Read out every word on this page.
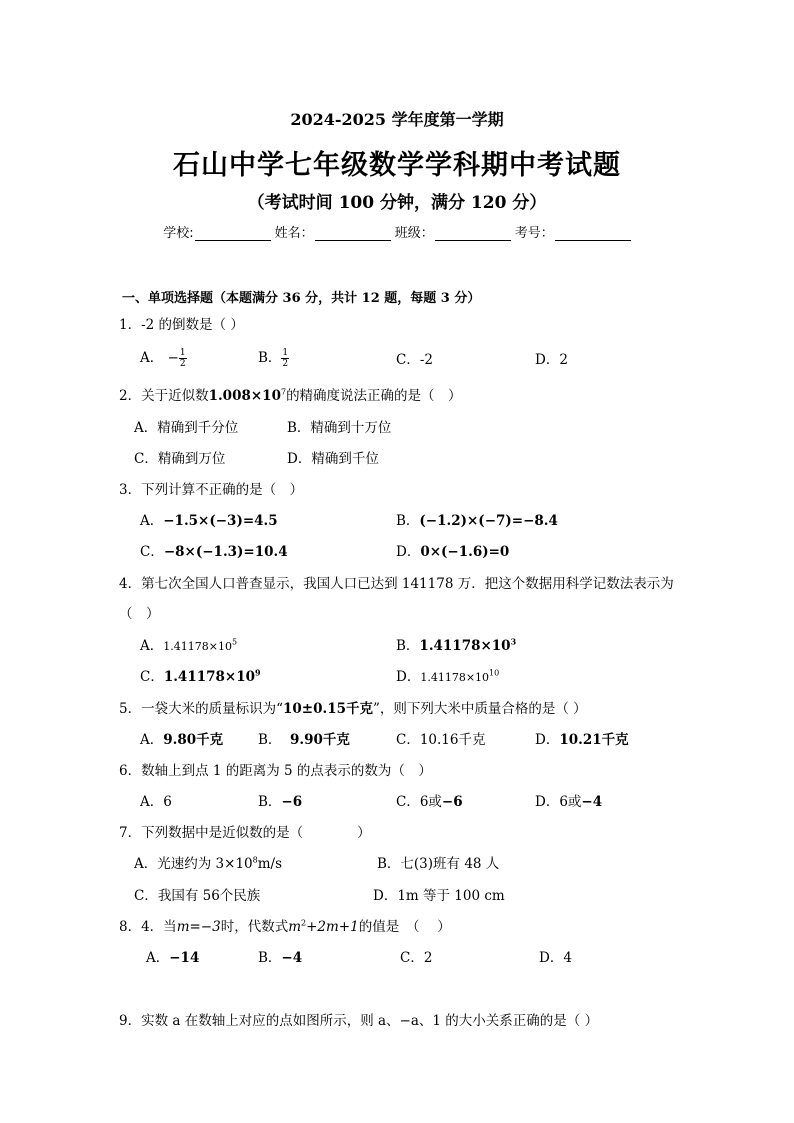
2024-2025 学年度第一学期
石山中学七年级数学学科期中考试题
（考试时间 100 分钟，满分 120 分）
学校:	姓名：	班级：	考号：
一、单项选择题（本题满分 36 分，共计 12 题，每题 3 分）
1．-2 的倒数是（ ）
A． − $\frac{1}{2}$	B． $\frac{1}{2}$	C．-2	D．2
2．关于近似数$1.008\times 10^7$的精确度说法正确的是（　）
A．精确到千分位	B．精确到十万位
C．精确到万位	D．精确到千位
3．下列计算不正确的是（　）
A．−1.5×(−3)=4.5	B．(−1.2)×(−7)=−8.4
C．−8×(−1.3)=10.4	D．0×(−1.6)=0
4．第七次全国人口普查显示，我国人口已达到 141178 万．把这个数据用科学记数法表示为
（　）
A．$1.41178\times 10^5$	B．$1.41178\times 10^3$
C．$1.41178\times 10^9$	D．$1.41178\times 10^{10}$
5．一袋大米的质量标识为“10±0.15千克”，则下列大米中质量合格的是（ ）
A．9.80千克	B． 9.90千克	C．10.16千克	D．10.21千克
6．数轴上到点 1 的距离为 5 的点表示的数为（　）
A．6	B．−6	C．6或−6	D．6或−4
7．下列数据中是近似数的是（　　　　）
A．光速约为 $3\times 10^8m/s$	B．七(3)班有 48 人
C．我国有 56个民族	D．1m 等于 100 cm
8．4．当m=−3时，代数式$m^2+2m+1$的值是　（　 ）
A．−14	B．−4	C．2	D．4
9．实数 a 在数轴上对应的点如图所示，则 a、−a、1 的大小关系正确的是（ ）
